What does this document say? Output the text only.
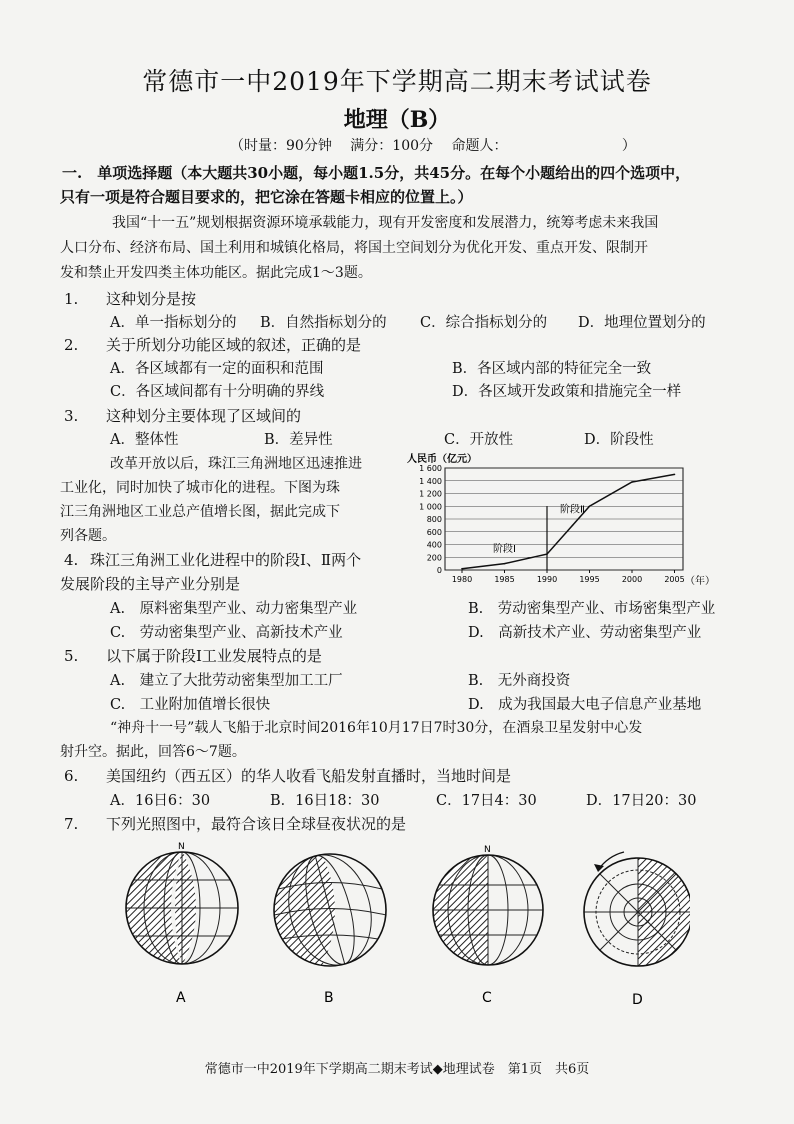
常德市一中2019年下学期高二期末考试试卷
地理（B）
（时量：90分钟 满分：100分 命题人：	）
一.　单项选择题（本大题共30小题，每小题1.5分，共45分。在每个小题给出的四个选项中，
只有一项是符合题目要求的，把它涂在答题卡相应的位置上。）
我国“十一五”规划根据资源环境承载能力，现有开发密度和发展潜力，统筹考虑未来我国
人口分布、经济布局、国土利用和城镇化格局，将国土空间划分为优化开发、重点开发、限制开
发和禁止开发四类主体功能区。据此完成1～3题。
1. 这种划分是按
A．单一指标划分的 B．自然指标划分的 C．综合指标划分的 D．地理位置划分的
2. 关于所划分功能区域的叙述，正确的是
A．各区域都有一定的面积和范围	B．各区域内部的特征完全一致
C．各区域间都有十分明确的界线	D．各区域开发政策和措施完全一样
3. 这种划分主要体现了区域间的
A．整体性	B．差异性	C．开放性	D．阶段性
改革开放以后，珠江三角洲地区迅速推进
工业化，同时加快了城市化的进程。下图为珠
江三角洲地区工业总产值增长图，据此完成下
列各题。
人民币（亿元）
（年）
0
200
400
600
800
1 000
1 200
1 400
1 600
1980	1985	1990	1995	2000	2005
阶段Ⅰ
阶段Ⅱ
4. 珠江三角洲工业化进程中的阶段Ⅰ、Ⅱ两个
发展阶段的主导产业分别是
A.　原料密集型产业、动力密集型产业	B.　劳动密集型产业、市场密集型产业
C.　劳动密集型产业、高新技术产业	D.　高新技术产业、劳动密集型产业
5. 以下属于阶段Ⅰ工业发展特点的是
A.　建立了大批劳动密集型加工工厂	B.　无外商投资
C.　工业附加值增长很快	D.　成为我国最大电子信息产业基地
“神舟十一号”载人飞船于北京时间2016年10月17日7时30分，在酒泉卫星发射中心发
射升空。据此，回答6～7题。
6. 美国纽约（西五区）的华人收看飞船发射直播时，当地时间是
A．16日6：30	B．16日18：30	C．17日4：30	D．17日20：30
7. 下列光照图中，最符合该日全球昼夜状况的是
N	N
A	B	C	D
常德市一中2019年下学期高二期末考试◆地理试卷　第1页　共6页
